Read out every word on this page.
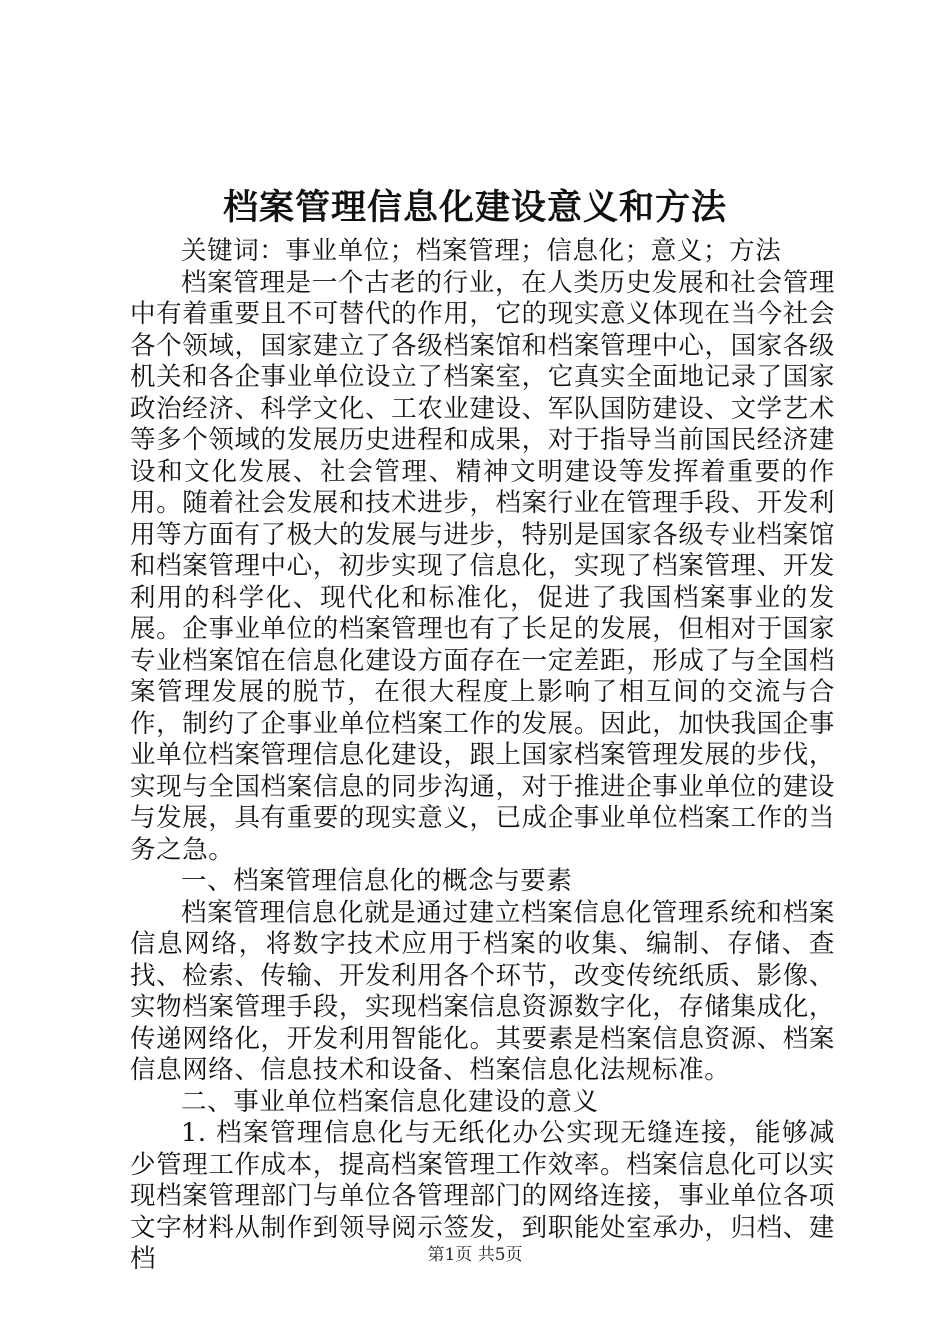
档案管理信息化建设意义和方法

关键词：事业单位；档案管理；信息化；意义；方法

档案管理是一个古老的行业，在人类历史发展和社会管理中有着重要且不可替代的作用，它的现实意义体现在当今社会各个领域，国家建立了各级档案馆和档案管理中心，国家各级机关和各企事业单位设立了档案室，它真实全面地记录了国家政治经济、科学文化、工农业建设、军队国防建设、文学艺术等多个领域的发展历史进程和成果，对于指导当前国民经济建设和文化发展、社会管理、精神文明建设等发挥着重要的作用。随着社会发展和技术进步，档案行业在管理手段、开发利用等方面有了极大的发展与进步，特别是国家各级专业档案馆和档案管理中心，初步实现了信息化，实现了档案管理、开发利用的科学化、现代化和标准化，促进了我国档案事业的发展。企事业单位的档案管理也有了长足的发展，但相对于国家专业档案馆在信息化建设方面存在一定差距，形成了与全国档案管理发展的脱节，在很大程度上影响了相互间的交流与合作，制约了企事业单位档案工作的发展。因此，加快我国企事业单位档案管理信息化建设，跟上国家档案管理发展的步伐，实现与全国档案信息的同步沟通，对于推进企事业单位的建设与发展，具有重要的现实意义，已成企事业单位档案工作的当务之急。

一、档案管理信息化的概念与要素

档案管理信息化就是通过建立档案信息化管理系统和档案信息网络，将数字技术应用于档案的收集、编制、存储、查找、检索、传输、开发利用各个环节，改变传统纸质、影像、实物档案管理手段，实现档案信息资源数字化，存储集成化，传递网络化，开发利用智能化。其要素是档案信息资源、档案信息网络、信息技术和设备、档案信息化法规标准。

二、事业单位档案信息化建设的意义

1. 档案管理信息化与无纸化办公实现无缝连接，能够减少管理工作成本，提高档案管理工作效率。档案信息化可以实现档案管理部门与单位各管理部门的网络连接，事业单位各项文字材料从制作到领导阅示签发，到职能处室承办，归档、建档	第1页 共5页
